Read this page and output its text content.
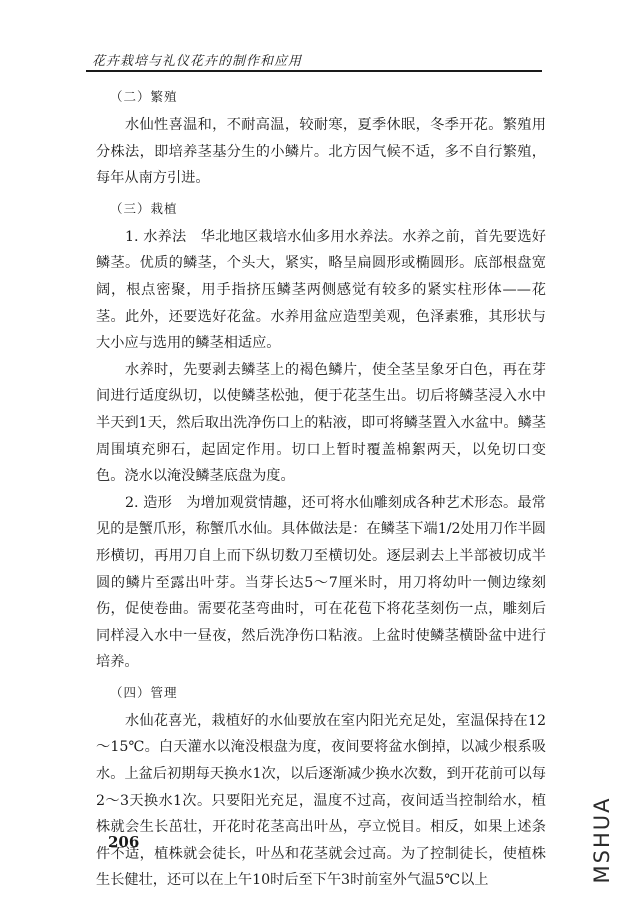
花卉栽培与礼仪花卉的制作和应用
（二）繁殖

水仙性喜温和，不耐高温，较耐寒，夏季休眠，冬季开花。繁殖用分株法，即培养茎基分生的小鳞片。北方因气候不适，多不自行繁殖，每年从南方引进。

（三）栽植

1. 水养法　华北地区栽培水仙多用水养法。水养之前，首先要选好鳞茎。优质的鳞茎，个头大，紧实，略呈扁圆形或椭圆形。底部根盘宽阔，根点密聚，用手指挤压鳞茎两侧感觉有较多的紧实柱形体——花茎。此外，还要选好花盆。水养用盆应造型美观，色泽素雅，其形状与大小应与选用的鳞茎相适应。

水养时，先要剥去鳞茎上的褐色鳞片，使全茎呈象牙白色，再在芽间进行适度纵切，以使鳞茎松弛，便于花茎生出。切后将鳞茎浸入水中半天到1天，然后取出洗净伤口上的粘液，即可将鳞茎置入水盆中。鳞茎周围填充卵石，起固定作用。切口上暂时覆盖棉絮两天，以免切口变色。浇水以淹没鳞茎底盘为度。

2. 造形　为增加观赏情趣，还可将水仙雕刻成各种艺术形态。最常见的是蟹爪形，称蟹爪水仙。具体做法是：在鳞茎下端1/2处用刀作半圆形横切，再用刀自上而下纵切数刀至横切处。逐层剥去上半部被切成半圆的鳞片至露出叶芽。当芽长达5～7厘米时，用刀将幼叶一侧边缘刻伤，促使卷曲。需要花茎弯曲时，可在花苞下将花茎刻伤一点，雕刻后同样浸入水中一昼夜，然后洗净伤口粘液。上盆时使鳞茎横卧盆中进行培养。

（四）管理

水仙花喜光，栽植好的水仙要放在室内阳光充足处，室温保持在12～15℃。白天灌水以淹没根盘为度，夜间要将盆水倒掉，以减少根系吸水。上盆后初期每天换水1次，以后逐渐减少换水次数，到开花前可以每2～3天换水1次。只要阳光充足，温度不过高，夜间适当控制给水，植株就会生长茁壮，开花时花茎高出叶丛，亭立悦目。相反，如果上述条件不适，植株就会徒长，叶丛和花茎就会过高。为了控制徒长，使植株生长健壮，还可以在上午10时后至下午3时前室外气温5℃以上

206	MSHUA
